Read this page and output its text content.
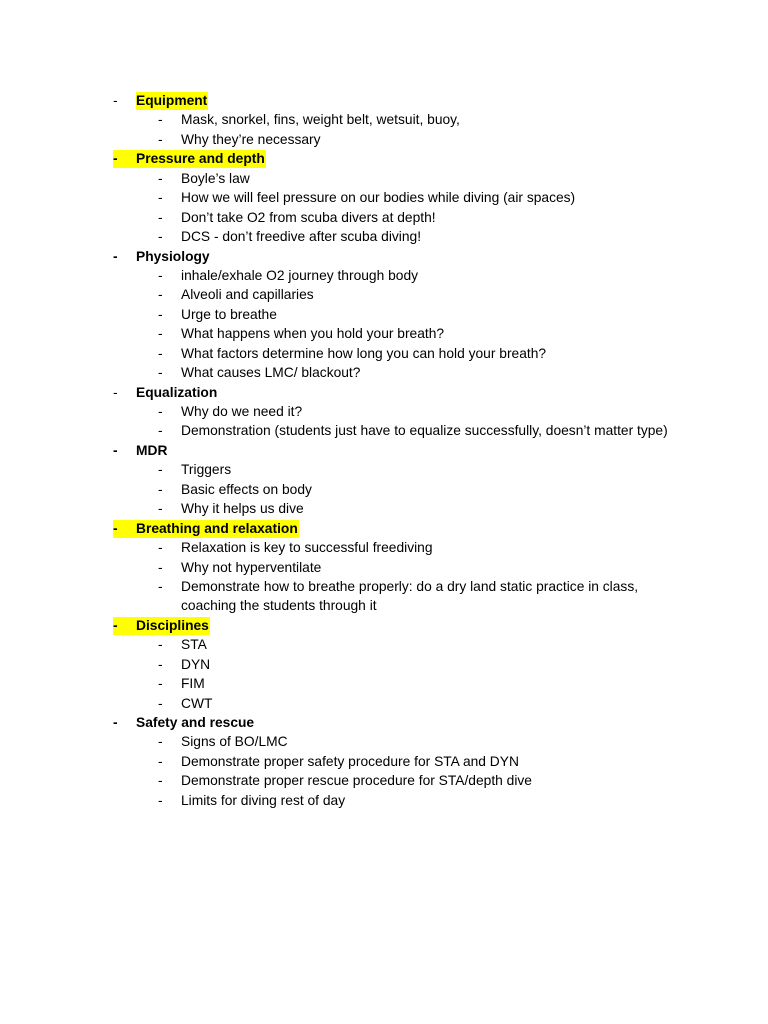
- Equipment
- Mask, snorkel, fins, weight belt, wetsuit, buoy,
- Why they’re necessary
- Pressure and depth
- Boyle’s law
- How we will feel pressure on our bodies while diving (air spaces)
- Don’t take O2 from scuba divers at depth!
- DCS - don’t freedive after scuba diving!
- Physiology
- inhale/exhale O2 journey through body
- Alveoli and capillaries
- Urge to breathe
- What happens when you hold your breath?
- What factors determine how long you can hold your breath?
- What causes LMC/ blackout?
- Equalization
- Why do we need it?
- Demonstration (students just have to equalize successfully, doesn’t matter type)
- MDR
- Triggers
- Basic effects on body
- Why it helps us dive
- Breathing and relaxation
- Relaxation is key to successful freediving
- Why not hyperventilate
- Demonstrate how to breathe properly: do a dry land static practice in class,
coaching the students through it
- Disciplines
- STA
- DYN
- FIM
- CWT
- Safety and rescue
- Signs of BO/LMC
- Demonstrate proper safety procedure for STA and DYN
- Demonstrate proper rescue procedure for STA/depth dive
- Limits for diving rest of day
